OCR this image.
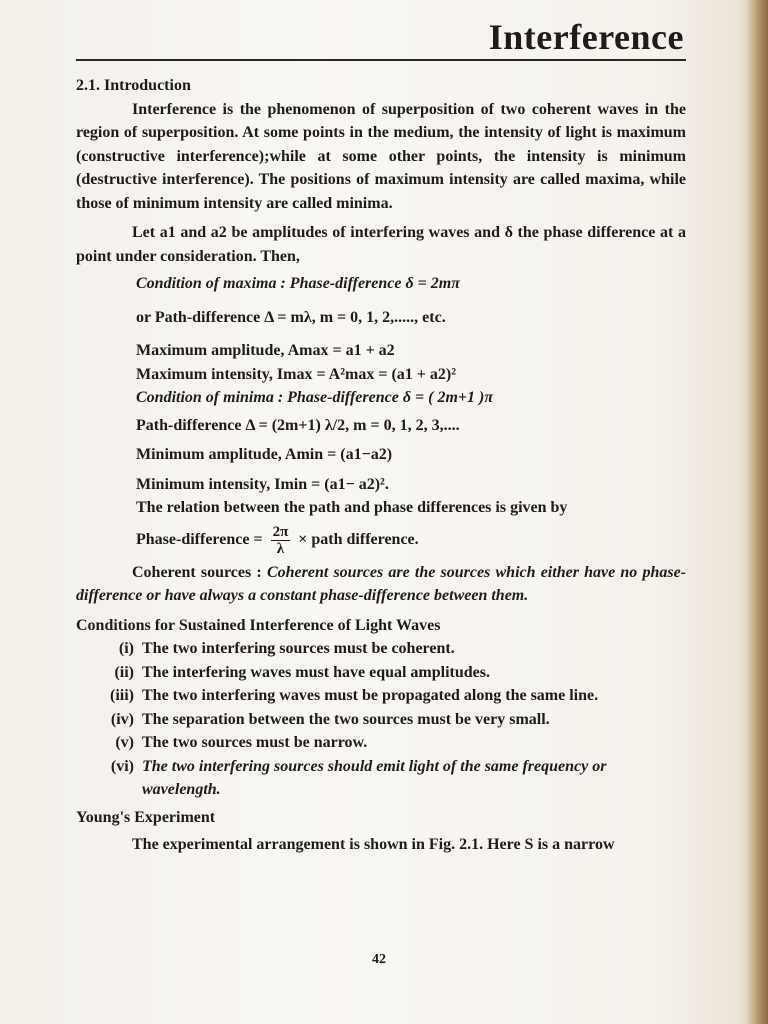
Interference

2.1. Introduction

Interference is the phenomenon of superposition of two coherent waves in the region of superposition. At some points in the medium, the intensity of light is maximum (constructive interference);while at some other points, the intensity is minimum (destructive interference). The positions of maximum intensity are called maxima, while those of minimum intensity are called minima.

Let a1 and a2 be amplitudes of interfering waves and δ the phase difference at a point under consideration. Then,

Condition of maxima : Phase-difference δ = 2mπ

or Path-difference Δ = mλ, m = 0, 1, 2,....., etc.

Maximum amplitude, Amax = a1 + a2

Maximum intensity, Imax = A²max = (a1 + a2)²

Condition of minima : Phase-difference δ = ( 2m+1 )π

Path-difference Δ = (2m+1) λ/2, m = 0, 1, 2, 3,....

Minimum amplitude, Amin = (a1−a2)

Minimum intensity, Imin = (a1− a2)².

The relation between the path and phase differences is given by

Phase-difference = $\frac{2\pi}{\lambda}$ × path difference.

Coherent sources : Coherent sources are the sources which either have no phase-difference or have always a constant phase-difference between them.

Conditions for Sustained Interference of Light Waves

(i) The two interfering sources must be coherent.
(ii) The interfering waves must have equal amplitudes.
(iii) The two interfering waves must be propagated along the same line.
(iv) The separation between the two sources must be very small.
(v) The two sources must be narrow.
(vi) The two interfering sources should emit light of the same frequency or wavelength.

Young's Experiment

The experimental arrangement is shown in Fig. 2.1. Here S is a narrow

42
